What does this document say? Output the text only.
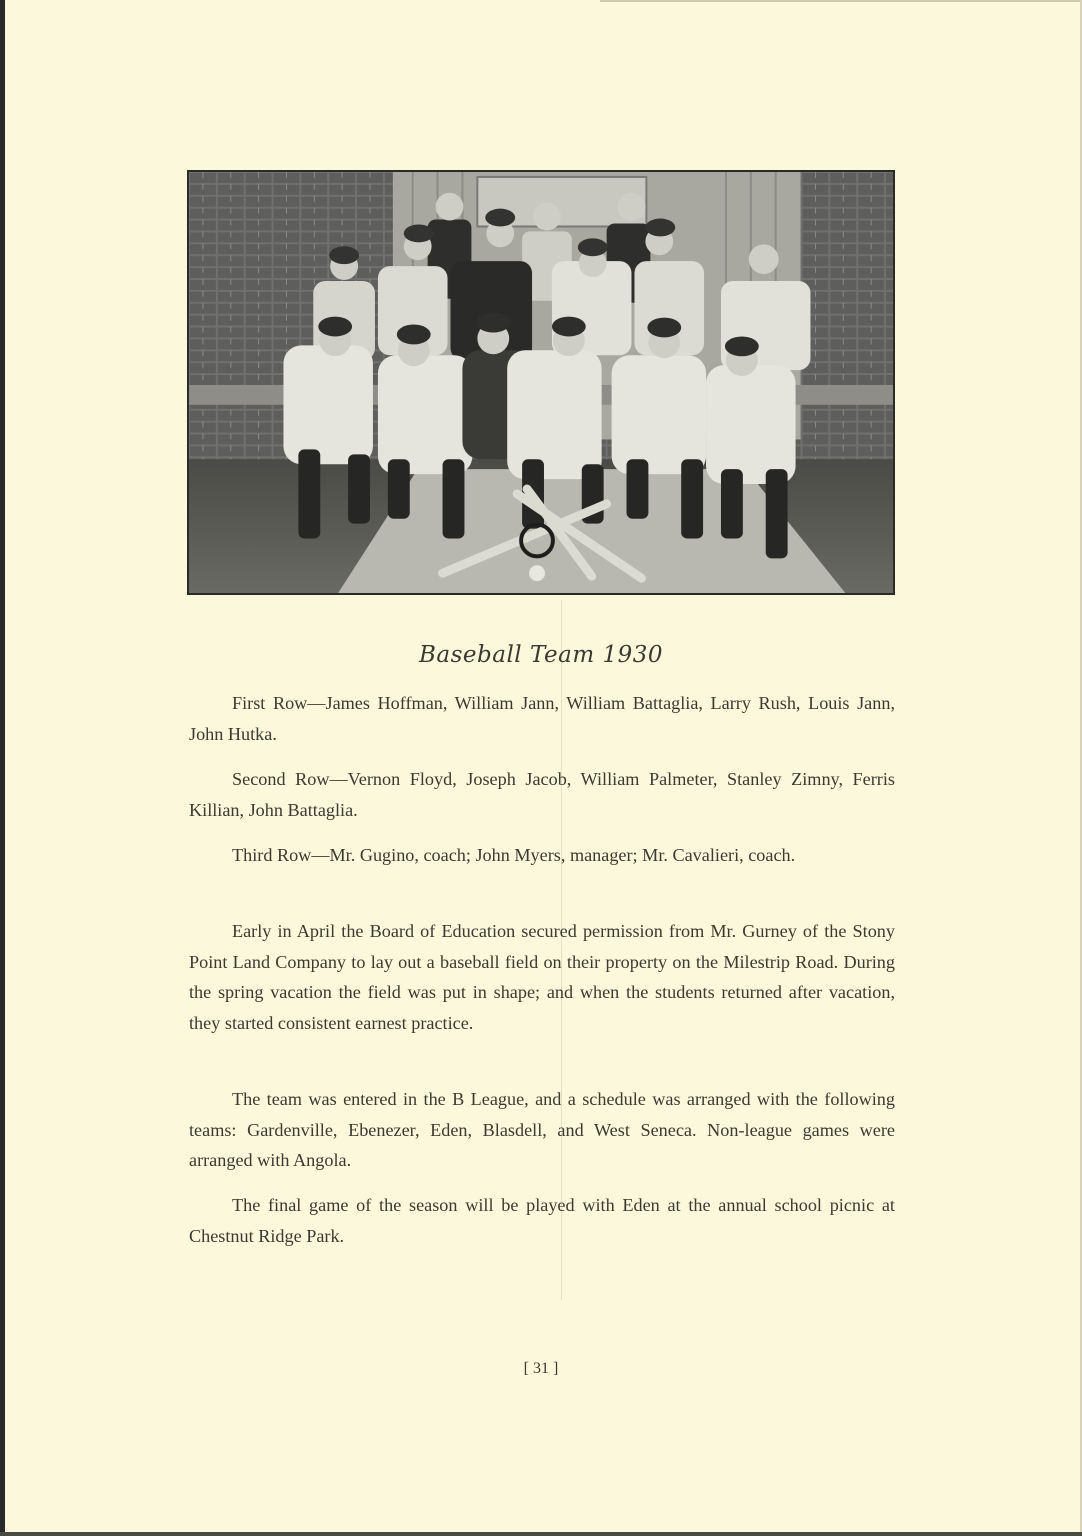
Baseball Team 1930

First Row—James Hoffman, William Jann, William Battaglia, Larry Rush, Louis Jann, John Hutka.

Second Row—Vernon Floyd, Joseph Jacob, William Palmeter, Stanley Zimny, Ferris Killian, John Battaglia.

Third Row—Mr. Gugino, coach; John Myers, manager; Mr. Cavalieri, coach.

Early in April the Board of Education secured permission from Mr. Gurney of the Stony Point Land Company to lay out a baseball field on their property on the Milestrip Road. During the spring vacation the field was put in shape; and when the students returned after vacation, they started consistent earnest practice.

The team was entered in the B League, and a schedule was arranged with the following teams: Gardenville, Ebenezer, Eden, Blasdell, and West Seneca. Non-league games were arranged with Angola.

The final game of the season will be played with Eden at the annual school picnic at Chestnut Ridge Park.

[ 31 ]
